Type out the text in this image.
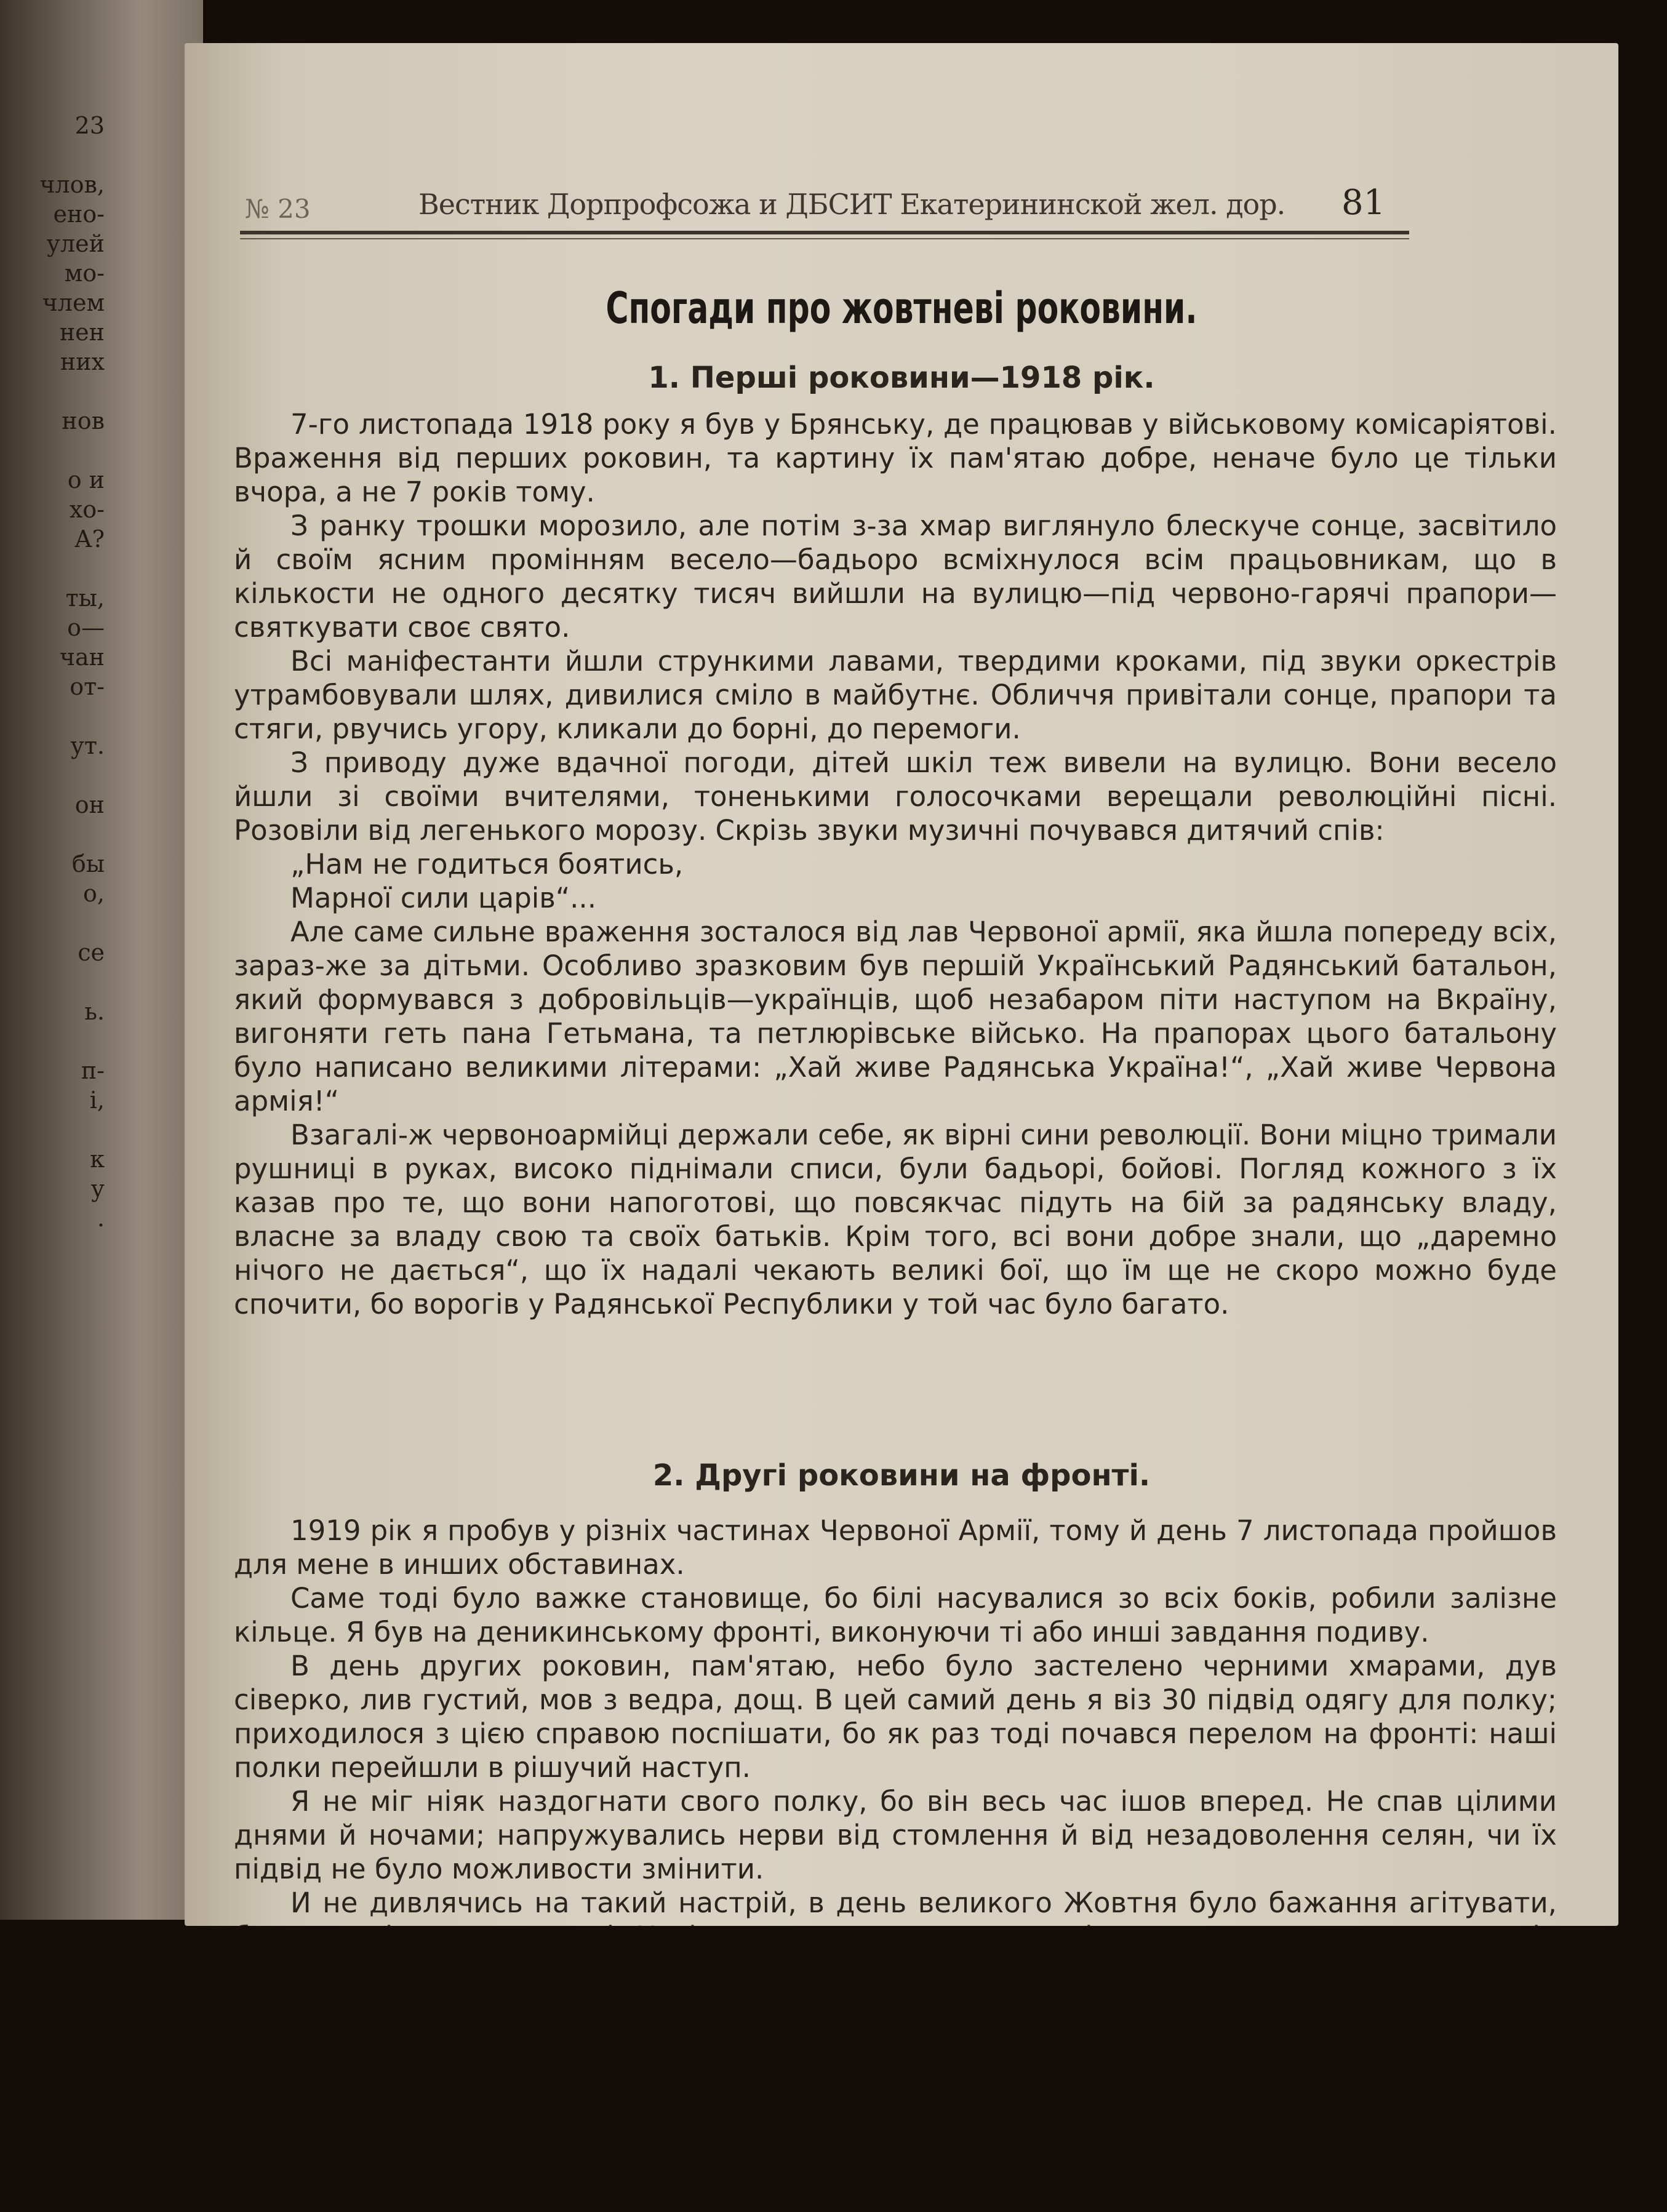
23
члов,
ено-
улей
мо-
члем
нен
них
нов
о и
хо-
А?
ты,
о—
чан
от-
ут.
он
бы
о,
се
ь.
п-
і,
к
у
.
№ 23	Вестник Дорпрофсожа и ДБСИТ Екатерининской жел. дор. 81
Спогади про жовтневі роковини.
1. Перші роковини—1918 рік.

7-го листопада 1918 року я був у Брянську, де працював у військовому комісаріятові. Враження від перших роковин, та картину їх пам'ятаю добре, неначе було це тільки вчора, а не 7 років тому.

З ранку трошки морозило, але потім з-за хмар виглянуло блескуче сонце, засвітило й своїм ясним промінням весело—бадьоро всміхнулося всім працьовникам, що в кількости не одного десятку тисяч вийшли на вулицю—під червоно-гарячі прапори—святкувати своє свято.

Всі маніфестанти йшли стрункими лавами, твердими кроками, під звуки оркестрів утрамбовували шлях, дивилися сміло в майбутнє. Обличчя привітали сонце, прапори та стяги, рвучись угору, кликали до борні, до перемоги.

З приводу дуже вдачної погоди, дітей шкіл теж вивели на вулицю. Вони весело йшли зі своїми вчителями, тоненькими голосочками верещали революційні пісні. Розовіли від легенького морозу. Скрізь звуки музичні почувався дитячий спів:

„Нам не годиться боятись,
Марної сили царів“...

Але саме сильне враження зосталося від лав Червоної армії, яка йшла попереду всіх, зараз-же за дітьми. Особливо зразковим був першій Український Радянський батальон, який формувався з добровільців—українців, щоб незабаром піти наступом на Вкраїну, вигоняти геть пана Гетьмана, та петлюрівське військо. На прапорах цього батальону було написано великими літерами: „Хай живе Радянська Україна!“, „Хай живе Червона армія!“

Взагалі-ж червоноармійці держали себе, як вірні сини революції. Вони міцно тримали рушниці в руках, високо піднімали списи, були бадьорі, бойові. Погляд кожного з їх казав про те, що вони напоготові, що повсякчас підуть на бій за радянську владу, власне за владу свою та своїх батьків. Крім того, всі вони добре знали, що „даремно нічого не дається“, що їх надалі чекають великі бої, що їм ще не скоро можно буде спочити, бо ворогів у Радянської Республики у той час було багато.

2. Другі роковини на фронті.

1919 рік я пробув у різніх частинах Червоної Армії, тому й день 7 листопада пройшов для мене в инших обставинах.

Саме тоді було важке становище, бо білі насувалися зо всіх боків, робили залізне кільце. Я був на деникинському фронті, виконуючи ті або инші завдання подиву.

В день других роковин, пам'ятаю, небо було застелено черними хмарами, дув сіверко, лив густий, мов з ведра, дощ. В цей самий день я віз 30 підвід одягу для полку; приходилося з цією справою поспішати, бо як раз тоді почався перелом на фронті: наші полки перейшли в рішучий наступ.

Я не міг ніяк наздогнати свого полку, бо він весь час ішов вперед. Не спав цілими днями й ночами; напружувались нерви від стомлення й від незадоволення селян, чи їх підвід не було можливости змінити.

И не дивлячись на такий настрій, в день великого Жовтня було бажання агітувати,
